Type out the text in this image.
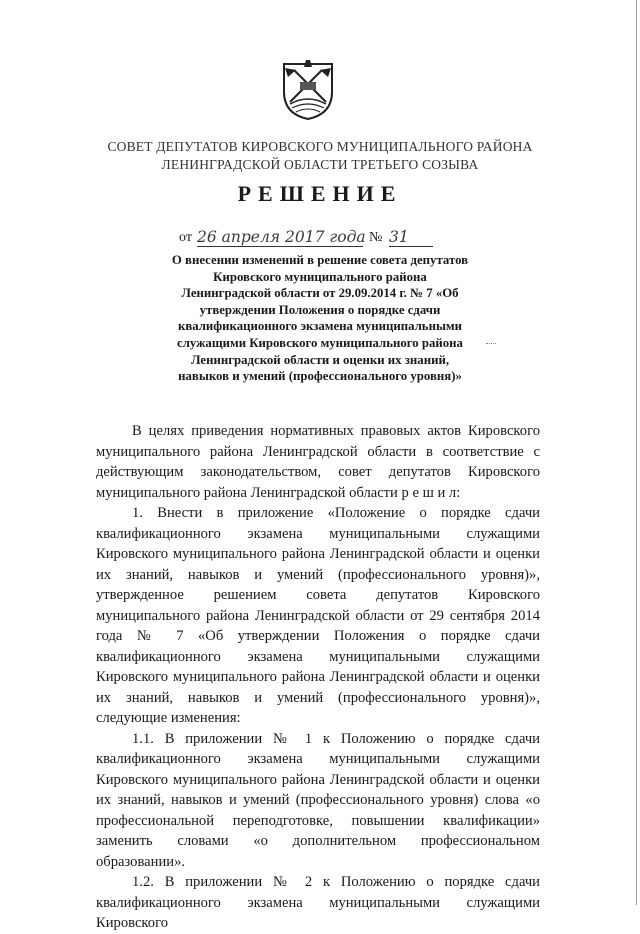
СОВЕТ ДЕПУТАТОВ КИРОВСКОГО МУНИЦИПАЛЬНОГО РАЙОНА ЛЕНИНГРАДСКОЙ ОБЛАСТИ ТРЕТЬЕГО СОЗЫВА
РЕШЕНИЕ
от 26 апреля 2017 года № 31
О внесении изменений в решение совета депутатов Кировского муниципального района Ленинградской области от 29.09.2014 г. № 7 «Об утверждении Положения о порядке сдачи квалификационного экзамена муниципальными служащими Кировского муниципального района Ленинградской области и оценки их знаний, навыков и умений (профессионального уровня)»

В целях приведения нормативных правовых актов Кировского муниципального района Ленинградской области в соответствие с действующим законодательством, совет депутатов Кировского муниципального района Ленинградской области р е ш и л:

1. Внести в приложение «Положение о порядке сдачи квалификационного экзамена муниципальными служащими Кировского муниципального района Ленинградской области и оценки их знаний, навыков и умений (профессионального уровня)», утвержденное решением совета депутатов Кировского муниципального района Ленинградской области от 29 сентября 2014 года № 7 «Об утверждении Положения о порядке сдачи квалификационного экзамена муниципальными служащими Кировского муниципального района Ленинградской области и оценки их знаний, навыков и умений (профессионального уровня)», следующие изменения:

1.1. В приложении № 1 к Положению о порядке сдачи квалификационного экзамена муниципальными служащими Кировского муниципального района Ленинградской области и оценки их знаний, навыков и умений (профессионального уровня) слова «о профессиональной переподготовке, повышении квалификации» заменить словами «о дополнительном профессиональном образовании».

1.2. В приложении № 2 к Положению о порядке сдачи квалификационного экзамена муниципальными служащими Кировского
